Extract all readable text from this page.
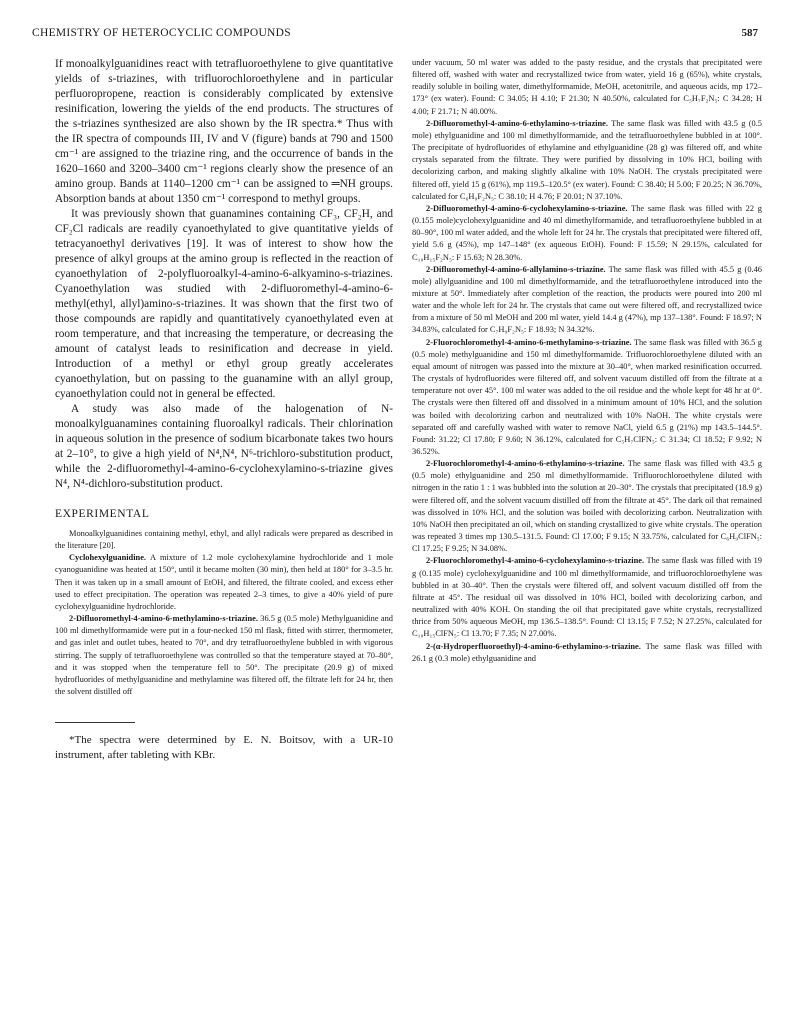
CHEMISTRY OF HETEROCYCLIC COMPOUNDS	587

If monoalkylguanidines react with tetrafluoroethylene to give quantitative yields of s-triazines, with trifluorochloroethylene and in particular perfluoropropene, reaction is considerably complicated by extensive resinification, lowering the yields of the end products. The structures of the s-triazines synthesized are also shown by the IR spectra.* Thus with the IR spectra of compounds III, IV and V (figure) bands at 790 and 1500 cm⁻¹ are assigned to the triazine ring, and the occurrence of bands in the 1620–1660 and 3200–3400 cm⁻¹ regions clearly show the presence of an amino group. Bands at 1140–1200 cm⁻¹ can be assigned to ═NH groups. Absorption bands at about 1350 cm⁻¹ correspond to methyl groups.

It was previously shown that guanamines containing CF₃, CF₂H, and CF₂Cl radicals are readily cyanoethylated to give quantitative yields of tetracyanoethyl derivatives [19]. It was of interest to show how the presence of alkyl groups at the amino group is reflected in the reaction of cyanoethylation of 2-polyfluoroalkyl-4-amino-6-alkyamino-s-triazines. Cyanoethylation was studied with 2-difluoromethyl-4-amino-6-methyl(ethyl, allyl)amino-s-triazines. It was shown that the first two of those compounds are rapidly and quantitatively cyanoethylated even at room temperature, and that increasing the temperature, or decreasing the amount of catalyst leads to resinification and decrease in yield. Introduction of a methyl or ethyl group greatly accelerates cyanoethylation, but on passing to the guanamine with an allyl group, cyanoethylation could not in general be effected.

A study was also made of the halogenation of N-monoalkylguanamines containing fluoroalkyl radicals. Their chlorination in aqueous solution in the presence of sodium bicarbonate takes two hours at 2–10°, to give a high yield of N⁴,N⁴, N⁶-trichloro-substitution product, while the 2-difluoromethyl-4-amino-6-cyclohexylamino-s-triazine gives N⁴, N⁴-dichloro-substitution product.

EXPERIMENTAL

Monoalkylguanidines containing methyl, ethyl, and allyl radicals were prepared as described in the literature [20].

Cyclohexylguanidine. A mixture of 1.2 mole cyclohexylamine hydrochloride and 1 mole cyanoguanidine was heated at 150°, until it became molten (30 min), then held at 180° for 3–3.5 hr. Then it was taken up in a small amount of EtOH, and filtered, the filtrate cooled, and excess ether used to effect precipitation. The operation was repeated 2–3 times, to give a 40% yield of pure cyclohexylguanidine hydrochloride.

2-Difluoromethyl-4-amino-6-methylamino-s-triazine. 36.5 g (0.5 mole) Methylguanidine and 100 ml dimethylformamide were put in a four-necked 150 ml flask, fitted with stirrer, thermometer, and gas inlet and outlet tubes, heated to 70°, and dry tetrafluoroethylene bubbled in with vigorous stirring. The supply of tetrafluoroethylene was controlled so that the temperature stayed at 70–80°, and it was stopped when the temperature fell to 50°. The precipitate (20.9 g) of mixed hydrofluorides of methylguanidine and methylamine was filtered off, the filtrate left for 24 hr, then the solvent distilled off

*The spectra were determined by E. N. Boitsov, with a UR-10 instrument, after tableting with KBr.

under vacuum, 50 ml water was added to the pasty residue, and the crystals that precipitated were filtered off, washed with water and recrystallized twice from water, yield 16 g (65%), white crystals, readily soluble in boiling water, dimethylformamide, MeOH, acetonitrile, and aqueous acids, mp 172–173° (ex water). Found: C 34.05; H 4.10; F 21.30; N 40.50%, calculated for C₅H₇F₂N₅: C 34.28; H 4.00; F 21.71; N 40.00%.

2-Difluoromethyl-4-amino-6-ethylamino-s-triazine. The same flask was filled with 43.5 g (0.5 mole) ethylguanidine and 100 ml dimethylformamide, and the tetrafluoroethylene bubbled in at 100°. The precipitate of hydrofluorides of ethylamine and ethylguanidine (28 g) was filtered off, and white crystals separated from the filtrate. They were purified by dissolving in 10% HCl, boiling with decolorizing carbon, and making slightly alkaline with 10% NaOH. The crystals precipitated were filtered off, yield 15 g (61%), mp 119.5–120.5° (ex water). Found: C 38.40; H 5.00; F 20.25; N 36.70%, calculated for C₆H₉F₂N₅: C 38.10; H 4.76; F 20.01; N 37.10%.

2-Difluoromethyl-4-amino-6-cyclohexylamino-s-triazine. The same flask was filled with 22 g (0.155 mole)cyclohexylguanidine and 40 ml dimethylformamide, and tetrafluoroethylene bubbled in at 80–90°, 100 ml water added, and the whole left for 24 hr. The crystals that precipitated were filtered off, yield 5.6 g (45%), mp 147–148° (ex aqueous EtOH). Found: F 15.59; N 29.15%, calculated for C₁₀H₁₅F₂N₅: F 15.63; N 28.30%.

2-Difluoromethyl-4-amino-6-allylamino-s-triazine. The same flask was filled with 45.5 g (0.46 mole) allylguanidine and 100 ml dimethylformamide, and the tetrafluoroethylene introduced into the mixture at 50°. Immediately after completion of the reaction, the products were poured into 200 ml water and the whole left for 24 hr. The crystals that came out were filtered off, and recrystallized twice from a mixture of 50 ml MeOH and 200 ml water, yield 14.4 g (47%), mp 137–138°. Found: F 18.97; N 34.83%, calculated for C₇H₉F₂N₅: F 18.93; N 34.32%.

2-Fluorochloromethyl-4-amino-6-methylamino-s-triazine. The same flask was filled with 36.5 g (0.5 mole) methylguanidine and 150 ml dimethylformamide. Trifluorochloroethylene diluted with an equal amount of nitrogen was passed into the mixture at 30–40°, when marked resinification occurred. The crystals of hydrofluorides were filtered off, and solvent vacuum distilled off from the filtrate at a temperature not over 45°. 100 ml water was added to the oil residue and the whole kept for 48 hr at 0°. The crystals were then filtered off and dissolved in a minimum amount of 10% HCl, and the solution was boiled with decolorizing carbon and neutralized with 10% NaOH. The white crystals were separated off and carefully washed with water to remove NaCl, yield 6.5 g (21%) mp 143.5–144.5°. Found: 31.22; Cl 17.80; F 9.60; N 36.12%, calculated for C₅H₇ClFN₅: C 31.34; Cl 18.52; F 9.92; N 36.52%.

2-Fluorochloromethyl-4-amino-6-ethylamino-s-triazine. The same flask was filled with 43.5 g (0.5 mole) ethylguanidine and 250 ml dimethylformamide. Trifluorochloroethylene diluted with nitrogen in the ratio 1 : 1 was bubbled into the solution at 20–30°. The crystals that precipitated (18.9 g) were filtered off, and the solvent vacuum distilled off from the filtrate at 45°. The dark oil that remained was dissolved in 10% HCl, and the solution was boiled with decolorizing carbon. Neutralization with 10% NaOH then precipitated an oil, which on standing crystallized to give white crystals. The operation was repeated 3 times mp 130.5–131.5. Found: Cl 17.00; F 9.15; N 33.75%, calculated for C₆H₉ClFN₅: Cl 17.25; F 9.25; N 34.08%.

2-Fluorochloromethyl-4-amino-6-cyclohexylamino-s-triazine. The same flask was filled with 19 g (0.135 mole) cyclohexylguanidine and 100 ml dimethylformamide, and trifluorochloroethylene was bubbled in at 30–40°. Then the crystals were filtered off, and solvent vacuum distilled off from the filtrate at 45°. The residual oil was dissolved in 10% HCl, boiled with decolorizing carbon, and neutralized with 40% KOH. On standing the oil that precipitated gave white crystals, recrystallized thrice from 50% aqueous MeOH, mp 136.5–138.5°. Found: Cl 13.15; F 7.52; N 27.25%, calculated for C₁₀H₁₅ClFN₅: Cl 13.70; F 7.35; N 27.00%.

2-(α-Hydroperfluoroethyl)-4-amino-6-ethylamino-s-triazine. The same flask was filled with 26.1 g (0.3 mole) ethylguanidine and
